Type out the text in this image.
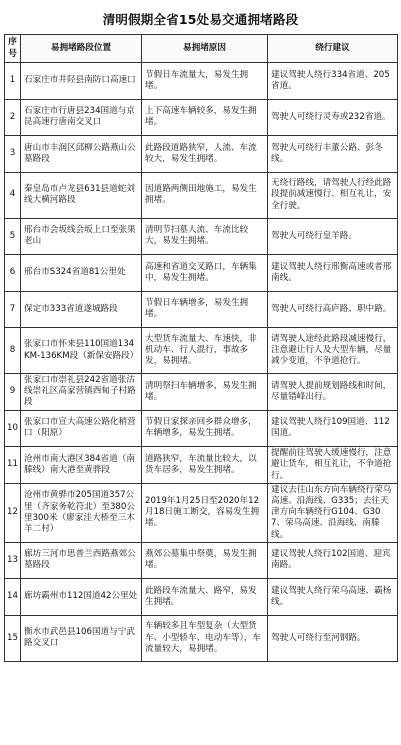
清明假期全省15处易交通拥堵路段
序号	易拥堵路段位置	易拥堵原因	绕行建议
1	石家庄市井陉县南防口高速口	节假日车流量大，易发生拥堵。	建议驾驶人绕行334省道、205省道。
2	石家庄市行唐县234国道与京昆高速行唐南交叉口	上下高速车辆较多，易发生拥堵。	驾驶人可绕行灵寿或232省道。
3	唐山市丰润区邱柳公路燕山公墓路段	此路段道路狭窄，人流、车流较大，易发生拥堵。	驾驶人可绕行丰董公路、彭冬线。
4	秦皇岛市卢龙县631县道蛇刘线大横河路段	因道路两侧田地施工，易发生拥堵。	无绕行路线，请驾驶人行经此路段提前减速慢行、相互礼让，安全行驶。
5	邢台市会坂线会坂上口至张果老山	清明节扫墓人流、车流比较大，易发生拥堵。	驾驶人可绕行皇羊路。
6	邢台市S324省道81公里处	高速和省道交叉路口，车辆集中，易发生拥堵。	建议驾驶人绕行邢衡高速或者邢南线。
7	保定市333省道遂城路段	节假日车辆增多，易发生拥堵。	驾驶人可绕行高庐路、职中路。
8	张家口市怀来县110国道134KM-136KM段（新保安路段）	大型货车流量大、车速快，非机动车、行人混行，事故多发，易拥堵。	请驾驶人途经此路段减速慢行，注意避让行人及大型车辆，尽量减少变道，不争道抢行。
9	张家口市崇礼县242省道张沽线崇礼区高家营镇西甸子村路段	清明祭扫车辆增多，易发生拥堵。	请驾驶人提前规划路线和时间，尽量错峰出行。
10	张家口市宣大高速公路化稍营口（阳原）	节假日家探亲回乡群众增多，车辆增多，易发生拥堵。	建议驾驶人绕行109国道、112国道。
11	沧州市南大港区384省道（南滕线）南大港至黄骅段	道路狭窄，车流量比较大，以货车居多，易发生拥堵。	提醒前往驾驶人缓速慢行，注意避让货车，相互礼让，不争道抢行。
12	沧州市黄骅市205国道357公里（齐家务乾符北）至380公里300米（廖家洼大桥至三木羊二村）	2019年1月25日至2020年12月18日施工断交，容易发生拥堵。	建议去往山东方向车辆绕行荣乌高速、沿海线、G335；去往天津方向车辆绕行G104、G307、荣乌高速、沿海线、南滕线。
13	廊坊三河市思普兰西路燕郊公墓路段	燕郊公墓集中祭奠，易发生拥堵。	建议驾驶人绕行102国道、迎宾南路。
14	廊坊霸州市112国道42公里处	此路段车流量大、路窄，易发生拥堵。	建议驾驶人绕行荣乌高速、霸杨线。
15	衡水市武邑县106国道与宁武路交叉口	车辆较多且车型复杂（大型货车、小型轿车、电动车等），车流量较大，易拥堵。	驾驶人可绕行至河钢路。
